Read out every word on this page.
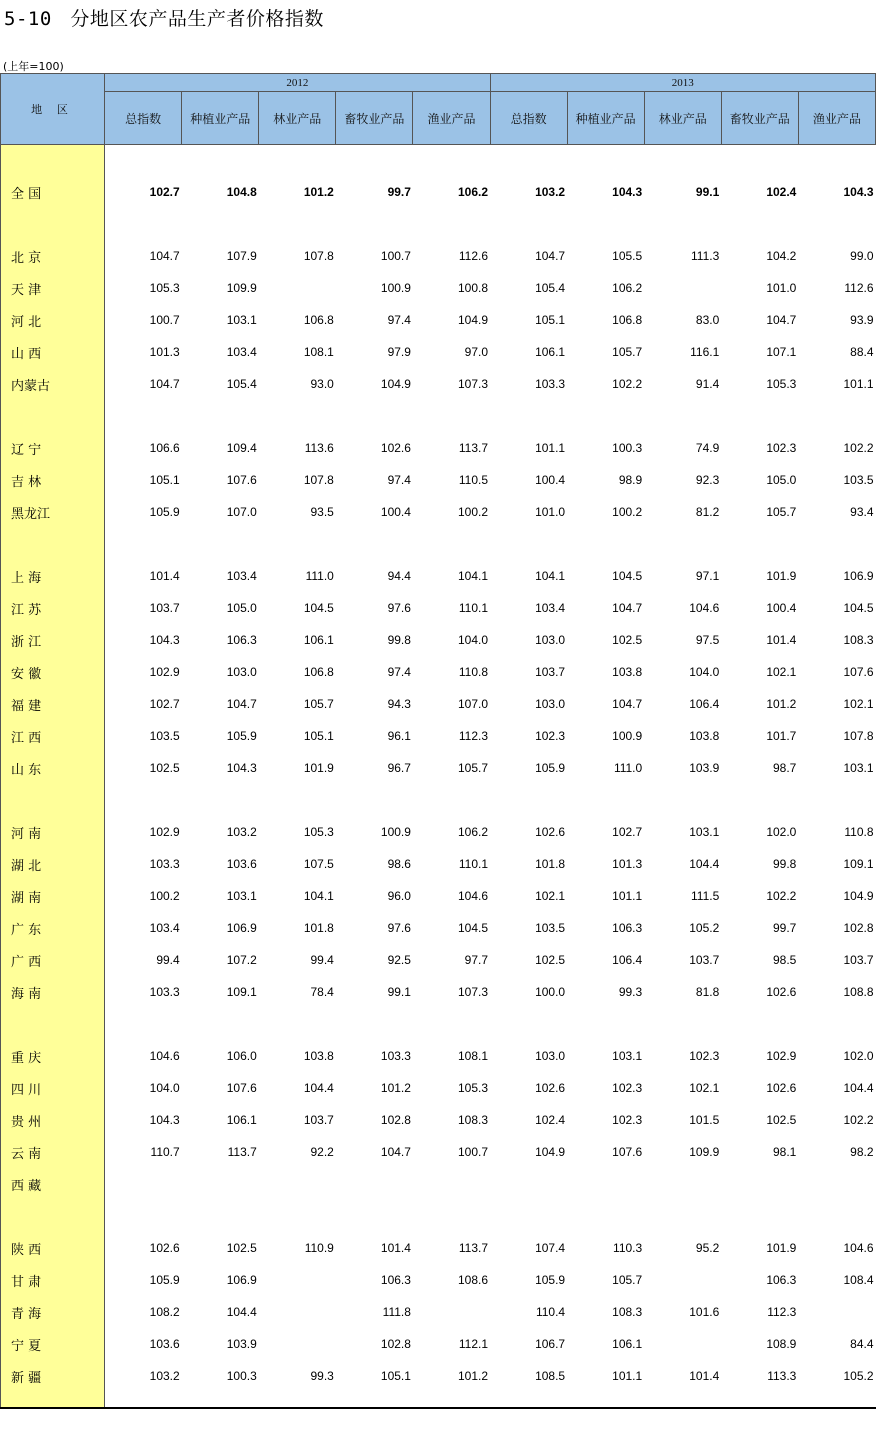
5-10 分地区农产品生产者价格指数
(上年=100)
地 区	2012					2013				
	总指数	种植业产品	林业产品	畜牧业产品	渔业产品	总指数	种植业产品	林业产品	畜牧业产品	渔业产品

全 国	102.7	104.8	101.2	99.7	106.2	103.2	104.3	99.1	102.4	104.3

北 京	104.7	107.9	107.8	100.7	112.6	104.7	105.5	111.3	104.2	99.0
天 津	105.3	109.9		100.9	100.8	105.4	106.2		101.0	112.6
河 北	100.7	103.1	106.8	97.4	104.9	105.1	106.8	83.0	104.7	93.9
山 西	101.3	103.4	108.1	97.9	97.0	106.1	105.7	116.1	107.1	88.4
内蒙古	104.7	105.4	93.0	104.9	107.3	103.3	102.2	91.4	105.3	101.1

辽 宁	106.6	109.4	113.6	102.6	113.7	101.1	100.3	74.9	102.3	102.2
吉 林	105.1	107.6	107.8	97.4	110.5	100.4	98.9	92.3	105.0	103.5
黑龙江	105.9	107.0	93.5	100.4	100.2	101.0	100.2	81.2	105.7	93.4

上 海	101.4	103.4	111.0	94.4	104.1	104.1	104.5	97.1	101.9	106.9
江 苏	103.7	105.0	104.5	97.6	110.1	103.4	104.7	104.6	100.4	104.5
浙 江	104.3	106.3	106.1	99.8	104.0	103.0	102.5	97.5	101.4	108.3
安 徽	102.9	103.0	106.8	97.4	110.8	103.7	103.8	104.0	102.1	107.6
福 建	102.7	104.7	105.7	94.3	107.0	103.0	104.7	106.4	101.2	102.1
江 西	103.5	105.9	105.1	96.1	112.3	102.3	100.9	103.8	101.7	107.8
山 东	102.5	104.3	101.9	96.7	105.7	105.9	111.0	103.9	98.7	103.1

河 南	102.9	103.2	105.3	100.9	106.2	102.6	102.7	103.1	102.0	110.8
湖 北	103.3	103.6	107.5	98.6	110.1	101.8	101.3	104.4	99.8	109.1
湖 南	100.2	103.1	104.1	96.0	104.6	102.1	101.1	111.5	102.2	104.9
广 东	103.4	106.9	101.8	97.6	104.5	103.5	106.3	105.2	99.7	102.8
广 西	99.4	107.2	99.4	92.5	97.7	102.5	106.4	103.7	98.5	103.7
海 南	103.3	109.1	78.4	99.1	107.3	100.0	99.3	81.8	102.6	108.8

重 庆	104.6	106.0	103.8	103.3	108.1	103.0	103.1	102.3	102.9	102.0
四 川	104.0	107.6	104.4	101.2	105.3	102.6	102.3	102.1	102.6	104.4
贵 州	104.3	106.1	103.7	102.8	108.3	102.4	102.3	101.5	102.5	102.2
云 南	110.7	113.7	92.2	104.7	100.7	104.9	107.6	109.9	98.1	98.2
西 藏										

陕 西	102.6	102.5	110.9	101.4	113.7	107.4	110.3	95.2	101.9	104.6
甘 肃	105.9	106.9		106.3	108.6	105.9	105.7		106.3	108.4
青 海	108.2	104.4		111.8		110.4	108.3	101.6	112.3	
宁 夏	103.6	103.9		102.8	112.1	106.7	106.1		108.9	84.4
新 疆	103.2	100.3	99.3	105.1	101.2	108.5	101.1	101.4	113.3	105.2
